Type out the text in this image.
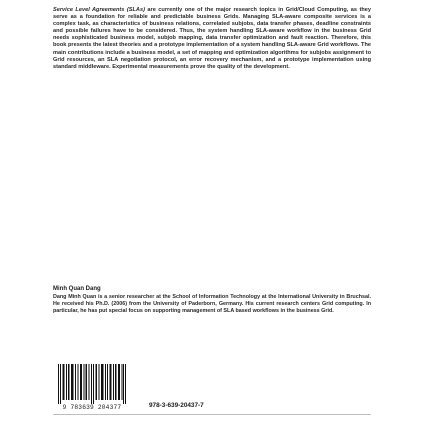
Service Level Agreements (SLAs) are currently one of the major research topics in Grid/Cloud Computing, as they serve as a foundation for reliable and predictable business Grids. Managing SLA-aware composite services is a complex task, as characteristics of business relations, correlated subjobs, data transfer phases, deadline constraints and possible failures have to be considered. Thus, the system handling SLA-aware workflow in the business Grid needs sophisticated business model, subjob mapping, data transfer optimization and fault reaction. Therefore, this book presents the latest theories and a prototype implementation of a system handling SLA-aware Grid workflows. The main contributions include a business model, a set of mapping and optimization algorithms for subjobs assignment to Grid resources, an SLA negotiation protocol, an error recovery mechanism, and a prototype implementation using standard middleware. Experimental measurements prove the quality of the development.
Minh Quan Dang
Dang Minh Quan is a senior researcher at the School of Information Technology at the International University in Bruchsal. He received his Ph.D. (2006) from the University of Paderborn, Germany. His current research centers Grid computing. In particular, he has put special focus on supporting management of SLA based workflows in the business Grid.
9 783639 204377	978-3-639-20437-7
